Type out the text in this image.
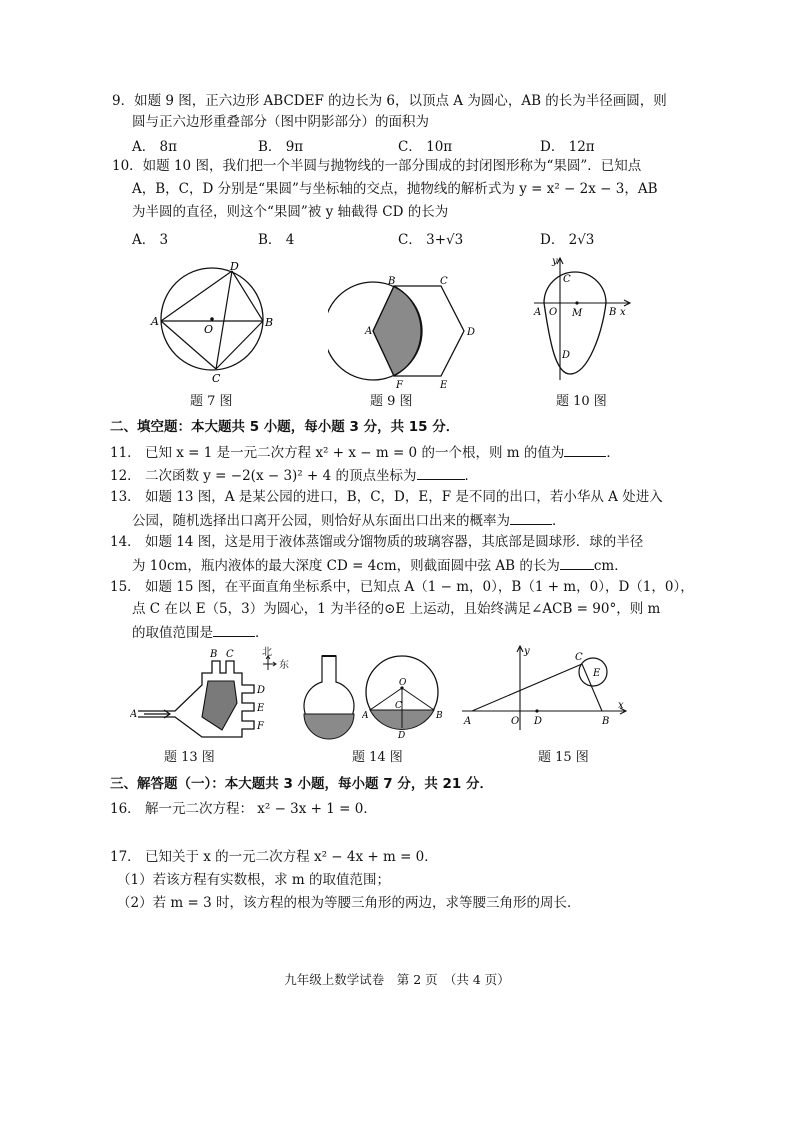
9．如题 9 图，正六边形 ABCDEF 的边长为 6，以顶点 A 为圆心，AB 的长为半径画圆，则
圆与正六边形重叠部分（图中阴影部分）的面积为
A． 8π	B． 9π	C． 10π	D． 12π
10．如题 10 图，我们把一个半圆与抛物线的一部分围成的封闭图形称为“果圆”．已知点
A，B，C，D 分别是“果圆”与坐标轴的交点，抛物线的解析式为 y = x² − 2x − 3，AB
为半圆的直径，则这个“果圆”被 y 轴截得 CD 的长为
A． 3	B． 4	C． 3+√3	D． 2√3
D
A
O
B
C
B	C
A	D
F	E
y
C
A O M	B x
D
题 7 图	题 9 图	题 10 图
二、填空题：本大题共 5 小题，每小题 3 分，共 15 分．
11． 已知 x = 1 是一元二次方程 x² + x − m = 0 的一个根，则 m 的值为	．
12． 二次函数 y = −2(x − 3)² + 4 的顶点坐标为	．
13． 如题 13 图，A 是某公园的进口，B，C，D，E，F 是不同的出口，若小华从 A 处进入
公园，随机选择出口离开公园，则恰好从东面出口出来的概率为	．
14． 如题 14 图，这是用于液体蒸馏或分馏物质的玻璃容器，其底部是圆球形．球的半径
为 10cm，瓶内液体的最大深度 CD = 4cm，则截面圆中弦 AB 的长为	cm．
15． 如题 15 图，在平面直角坐标系中，已知点 A（1 − m，0），B（1 + m，0），D（1，0），
点 C 在以 E（5，3）为圆心，1 为半径的⊙E 上运动，且始终满足∠ACB = 90°，则 m
的取值范围是	．
B C
A
D
E
F
北
东
O
A
C
B
D
y
C
E
A	O D	B
x
题 13 图	题 14 图	题 15 图
三、解答题（一）：本大题共 3 小题，每小题 7 分，共 21 分．
16． 解一元二次方程： x² − 3x + 1 = 0．
17． 已知关于 x 的一元二次方程 x² − 4x + m = 0．
（1）若该方程有实数根，求 m 的取值范围；
（2）若 m = 3 时，该方程的根为等腰三角形的两边，求等腰三角形的周长．
九年级上数学试卷　第 2 页　（共 4 页）
